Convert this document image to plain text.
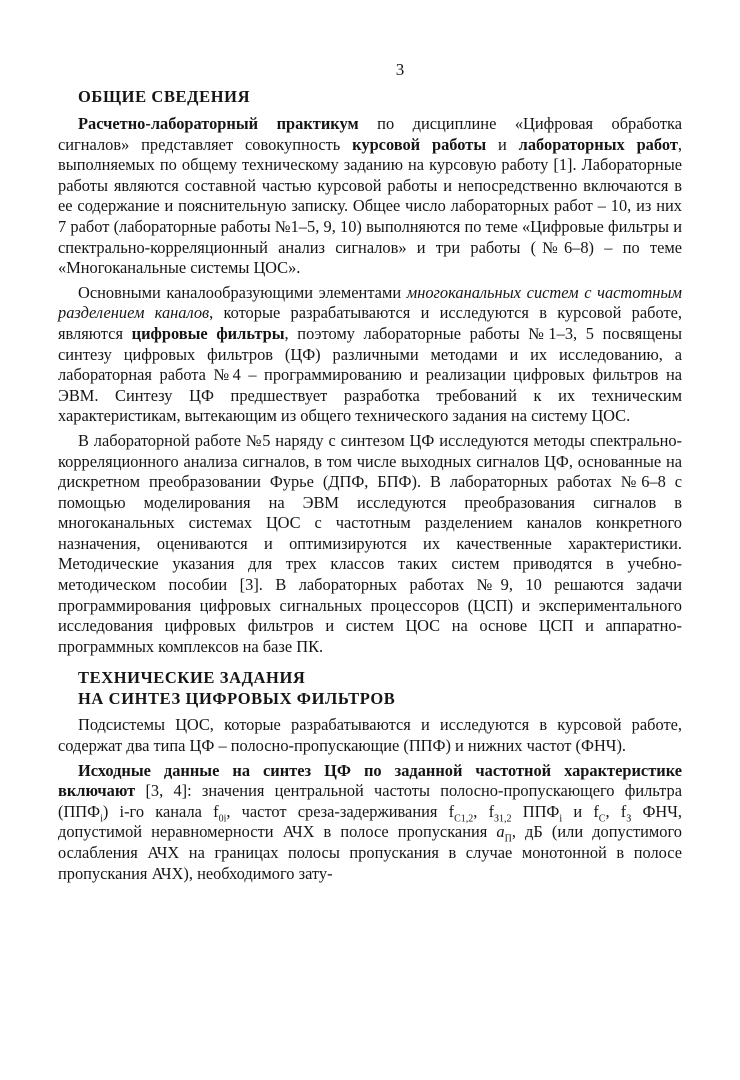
3
ОБЩИЕ СВЕДЕНИЯ

Расчетно-лабораторный практикум по дисциплине «Цифровая обработка сигналов» представляет совокупность курсовой работы и лабораторных работ, выполняемых по общему техническому заданию на курсовую работу [1]. Лабораторные работы являются составной частью курсовой работы и непосредственно включаются в ее содержание и пояснительную записку. Общее число лабораторных работ – 10, из них 7 работ (лабораторные работы №1–5, 9, 10) выполняются по теме «Цифровые фильтры и спектрально-корреляционный анализ сигналов» и три работы (№6–8) – по теме «Многоканальные системы ЦОС».

Основными каналообразующими элементами многоканальных систем с частотным разделением каналов, которые разрабатываются и исследуются в курсовой работе, являются цифровые фильтры, поэтому лабораторные работы №1–3, 5 посвящены синтезу цифровых фильтров (ЦФ) различными методами и их исследованию, а лабораторная работа №4 – программированию и реализации цифровых фильтров на ЭВМ. Синтезу ЦФ предшествует разработка требований к их техническим характеристикам, вытекающим из общего технического задания на систему ЦОС.

В лабораторной работе №5 наряду с синтезом ЦФ исследуются методы спектрально-корреляционного анализа сигналов, в том числе выходных сигналов ЦФ, основанные на дискретном преобразовании Фурье (ДПФ, БПФ). В лабораторных работах №6–8 с помощью моделирования на ЭВМ исследуются преобразования сигналов в многоканальных системах ЦОС с частотным разделением каналов конкретного назначения, оцениваются и оптимизируются их качественные характеристики. Методические указания для трех классов таких систем приводятся в учебно-методическом пособии [3]. В лабораторных работах №9, 10 решаются задачи программирования цифровых сигнальных процессоров (ЦСП) и экспериментального исследования цифровых фильтров и систем ЦОС на основе ЦСП и аппаратно-программных комплексов на базе ПК.

ТЕХНИЧЕСКИЕ ЗАДАНИЯ
НА СИНТЕЗ ЦИФРОВЫХ ФИЛЬТРОВ

Подсистемы ЦОС, которые разрабатываются и исследуются в курсовой работе, содержат два типа ЦФ – полосно-пропускающие (ППФ) и нижних частот (ФНЧ).

Исходные данные на синтез ЦФ по заданной частотной характеристике включают [3, 4]: значения центральной частоты полосно-пропускающего фильтра $(ППФ_i)$ i-го канала $f_{0i}$, частот среза-задерживания $f_{C1,2}$, $f_{З1,2}$ $ППФ_i$ и $f_C$, $f_З$ ФНЧ, допустимой неравномерности АЧХ в полосе пропускания $a_П$, дБ (или допустимого ослабления АЧХ на границах полосы пропускания в случае монотонной в полосе пропускания АЧХ), необходимого зату-
